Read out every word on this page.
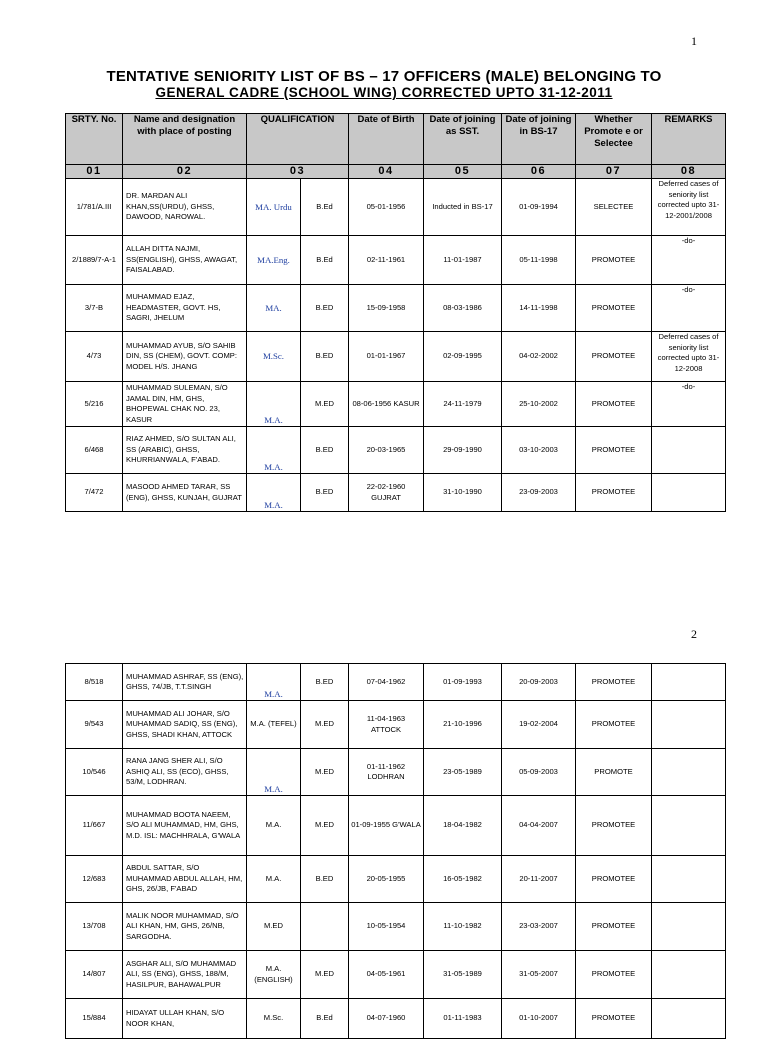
1
TENTATIVE SENIORITY LIST OF BS – 17 OFFICERS (MALE) BELONGING TO
GENERAL CADRE (SCHOOL WING) CORRECTED UPTO 31-12-2011
SRTY. No.	Name and designation with place of posting	QUALIFICATION		Date of Birth	Date of joining as SST.	Date of joining in BS-17	Whether Promote e or Selectee	REMARKS
01	02	03		04	05	06	07	08
1/781/A.III	DR. MARDAN ALI KHAN,SS(URDU), GHSS, DAWOOD, NAROWAL.	MA. Urdu	B.Ed	05-01-1956	Inducted in BS-17	01-09-1994	SELECTEE	Deferred cases of seniority list corrected upto 31-12-2001/2008
2/1889/7-A-1	ALLAH DITTA NAJMI, SS(ENGLISH), GHSS, AWAGAT, FAISALABAD.	MA.Eng.	B.Ed	02-11-1961	11-01-1987	05-11-1998	PROMOTEE	-do-
3/7-B	MUHAMMAD EJAZ, HEADMASTER, GOVT. HS, SAGRI, JHELUM	MA.	B.ED	15-09-1958	08-03-1986	14-11-1998	PROMOTEE	-do-
4/73	MUHAMMAD AYUB, S/O SAHIB DIN, SS (CHEM), GOVT. COMP: MODEL H/S. JHANG	M.Sc.	B.ED	01-01-1967	02-09-1995	04-02-2002	PROMOTEE	Deferred cases of seniority list corrected upto 31-12-2008
5/216	MUHAMMAD SULEMAN, S/O JAMAL DIN, HM, GHS, BHOPEWAL CHAK NO. 23, KASUR	M.A.	M.ED	08-06-1956 KASUR	24-11-1979	25-10-2002	PROMOTEE	-do-
6/468	RIAZ AHMED, S/O SULTAN ALI, SS (ARABIC), GHSS, KHURRIANWALA, F'ABAD.	M.A.	B.ED	20-03-1965	29-09-1990	03-10-2003	PROMOTEE	
7/472	MASOOD AHMED TARAR, SS (ENG), GHSS, KUNJAH, GUJRAT	M.A.	B.ED	22-02-1960 GUJRAT	31-10-1990	23-09-2003	PROMOTEE	
2
8/518	MUHAMMAD ASHRAF, SS (ENG), GHSS, 74/JB, T.T.SINGH	M.A.	B.ED	07-04-1962	01-09-1993	20-09-2003	PROMOTEE	
9/543	MUHAMMAD ALI JOHAR, S/O MUHAMMAD SADIQ, SS (ENG), GHSS, SHADI KHAN, ATTOCK	M.A. (TEFEL)	M.ED	11-04-1963 ATTOCK	21-10-1996	19-02-2004	PROMOTEE	
10/546	RANA JANG SHER ALI, S/O ASHIQ ALI, SS (ECO), GHSS, 53/M, LODHRAN.	M.A.	M.ED	01-11-1962 LODHRAN	23-05-1989	05-09-2003	PROMOTE	
11/667	MUHAMMAD BOOTA NAEEM, S/O ALI MUHAMMAD, HM, GHS, M.D. ISL: MACHHRALA, G'WALA	M.A.	M.ED	01-09-1955 G'WALA	18-04-1982	04-04-2007	PROMOTEE	
12/683	ABDUL SATTAR, S/O MUHAMMAD ABDUL ALLAH, HM, GHS, 26/JB, F'ABAD	M.A.	B.ED	20-05-1955	16-05-1982	20-11-2007	PROMOTEE	
13/708	MALIK NOOR MUHAMMAD, S/O ALI KHAN, HM, GHS, 26/NB, SARGODHA.	M.ED		10-05-1954	11-10-1982	23-03-2007	PROMOTEE	
14/807	ASGHAR ALI, S/O MUHAMMAD ALI, SS (ENG), GHSS, 188/M, HASILPUR, BAHAWALPUR	M.A. (ENGLISH)	M.ED	04-05-1961	31-05-1989	31-05-2007	PROMOTEE	
15/884	HIDAYAT ULLAH KHAN, S/O NOOR KHAN,	M.Sc.	B.Ed	04-07-1960	01-11-1983	01-10-2007	PROMOTEE	
